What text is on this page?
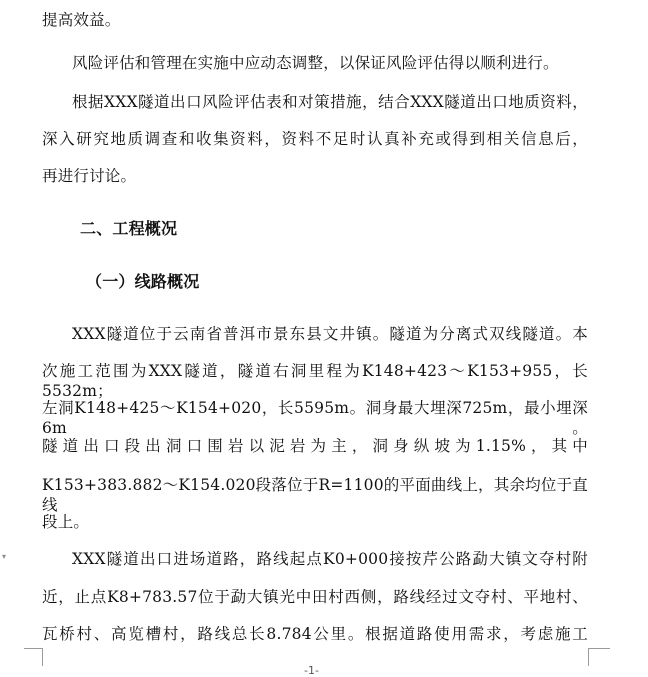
提高效益。
风险评估和管理在实施中应动态调整，以保证风险评估得以顺利进行。
根据XXX隧道出口风险评估表和对策措施，结合XXX隧道出口地质资料，
深入研究地质调查和收集资料，资料不足时认真补充或得到相关信息后，
再进行讨论。
二、工程概况
（一）线路概况
XXX隧道位于云南省普洱市景东县文井镇。隧道为分离式双线隧道。本
次施工范围为XXX隧道，隧道右洞里程为K148+423～K153+955，长5532m；
左洞K148+425～K154+020，长5595m。洞身最大埋深725m，最小埋深6m。
隧道出口段出洞口围岩以泥岩为主，洞身纵坡为1.15%，其中
K153+383.882～K154.020段落位于R=1100的平面曲线上，其余均位于直线
段上。
XXX隧道出口进场道路，路线起点K0+000接按芹公路勐大镇文夺村附
近，止点K8+783.57位于勐大镇光中田村西侧，路线经过文夺村、平地村、
瓦桥村、高览槽村，路线总长8.784公里。根据道路使用需求，考虑施工
▾
-1-
